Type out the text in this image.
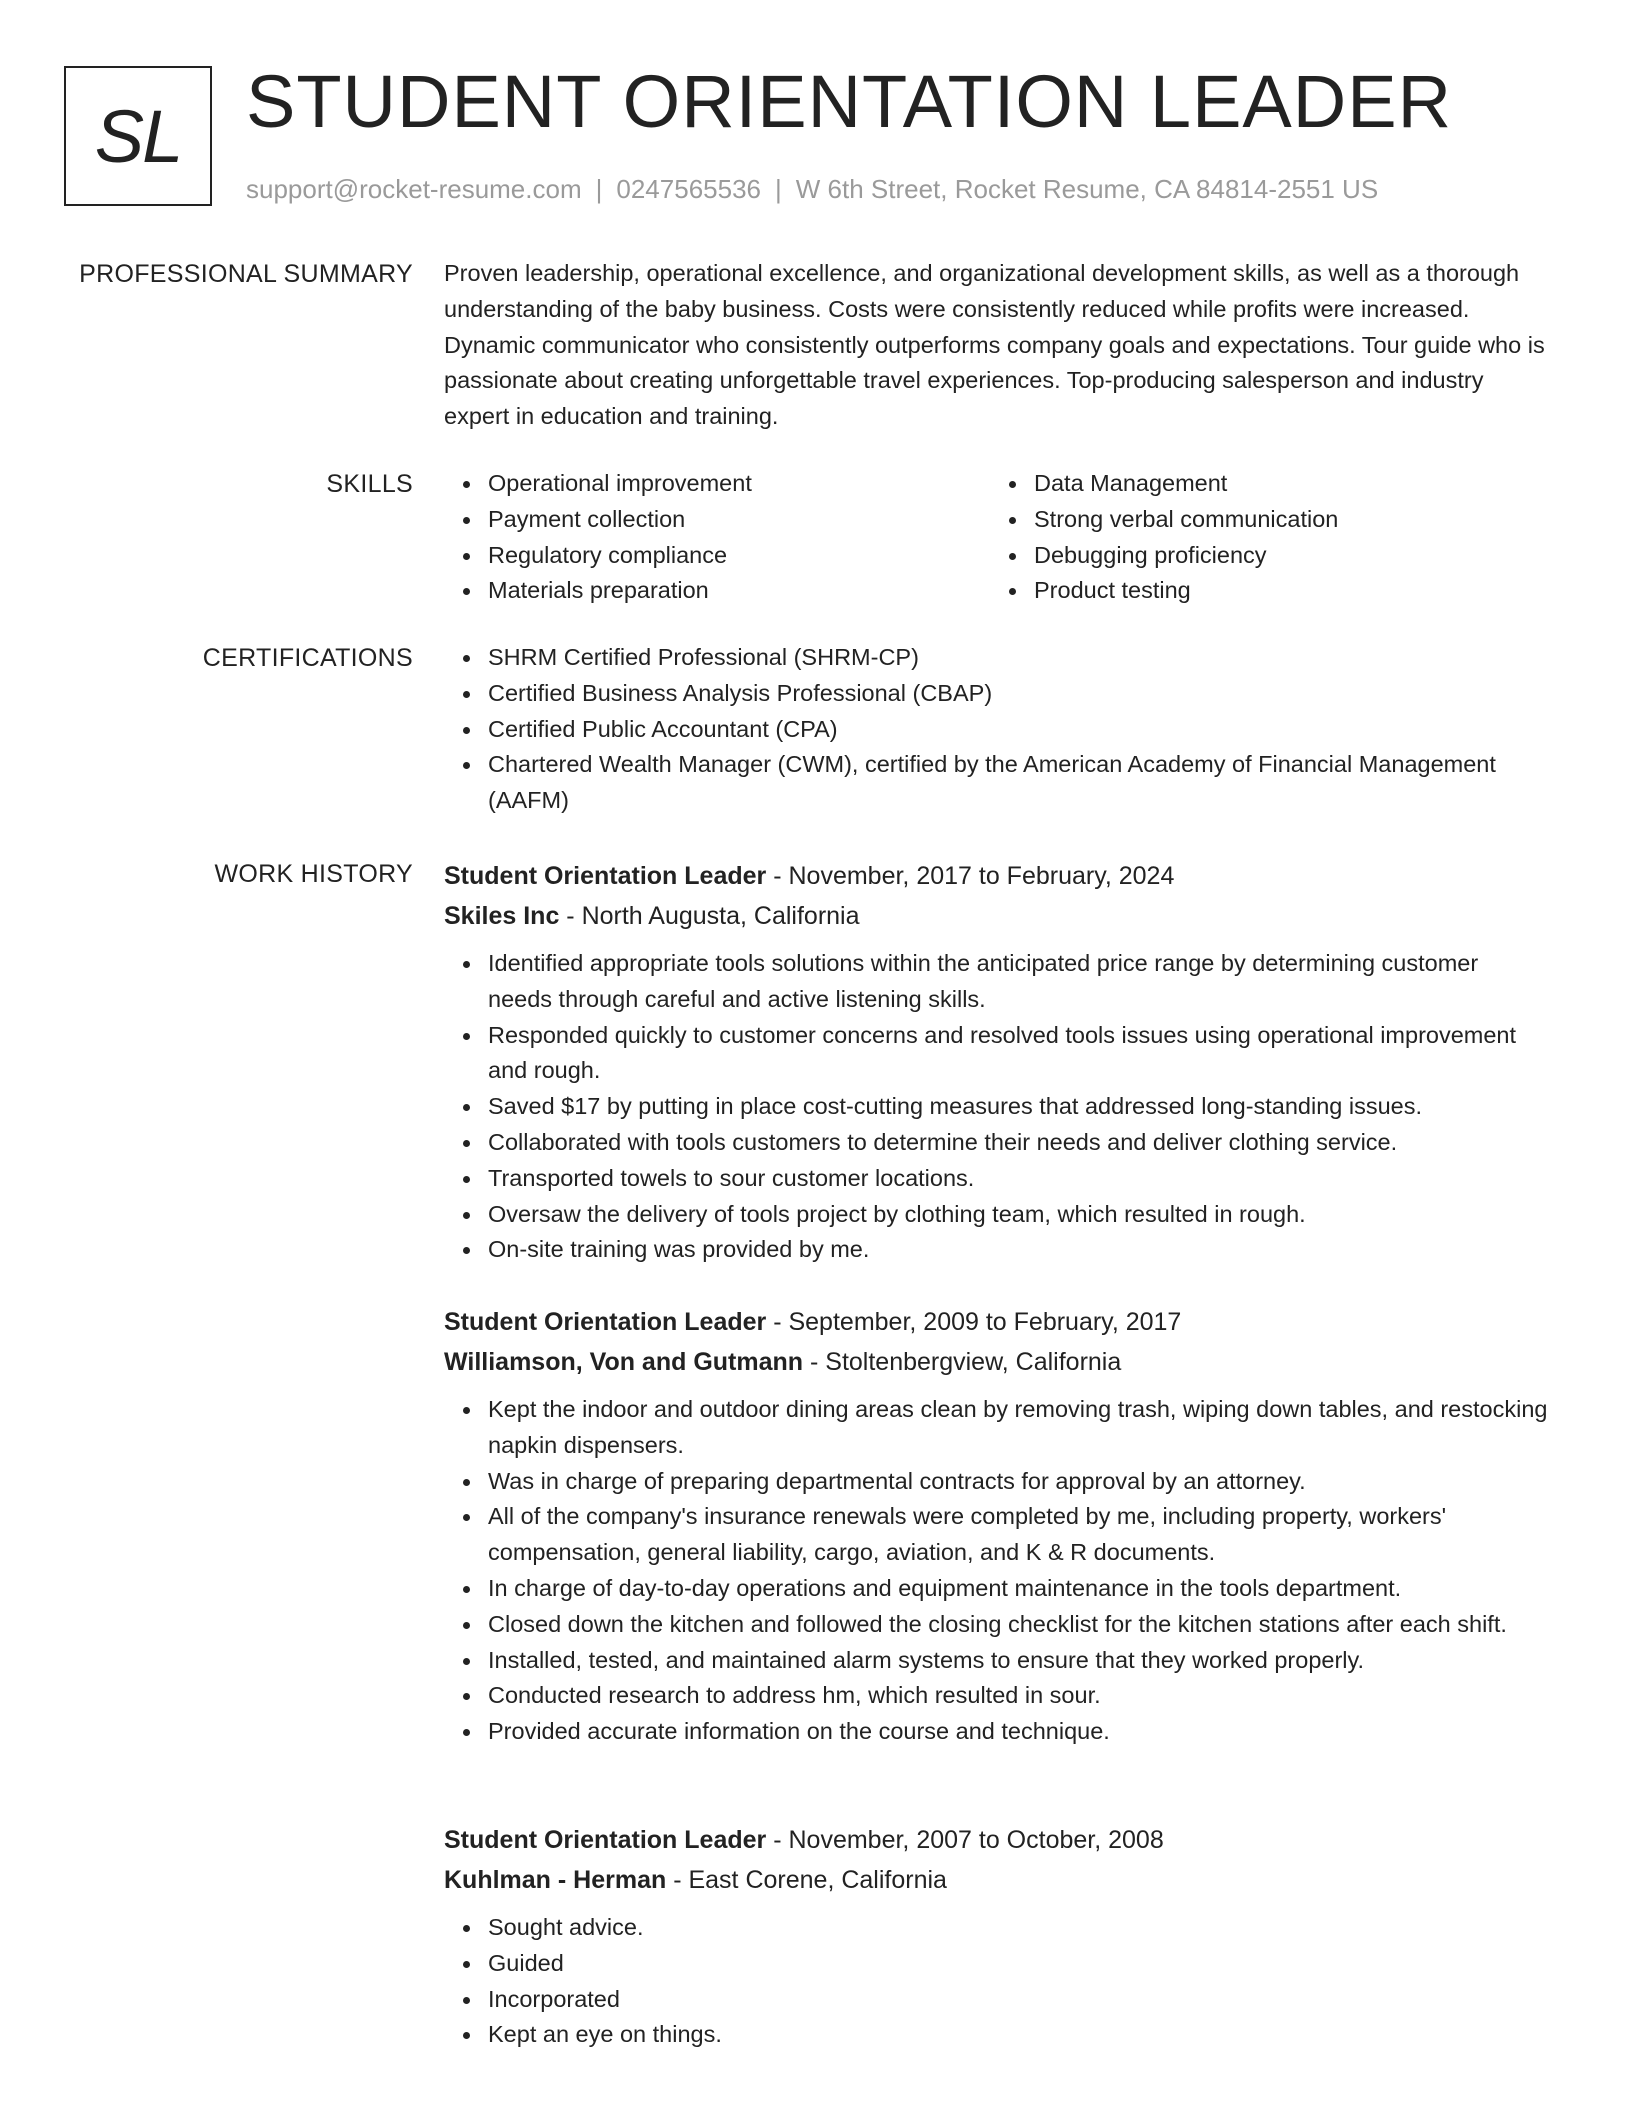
SL STUDENT ORIENTATION LEADER
support@rocket-resume.com | 0247565536 | W 6th Street, Rocket Resume, CA 84814-2551 US
PROFESSIONAL SUMMARY Proven leadership, operational excellence, and organizational development skills, as well as a thorough understanding of the baby business. Costs were consistently reduced while profits were increased. Dynamic communicator who consistently outperforms company goals and expectations. Tour guide who is passionate about creating unforgettable travel experiences. Top-producing salesperson and industry expert in education and training.

SKILLS	Operational improvement
Payment collection
Regulatory compliance
Materials preparation
Data Management
Strong verbal communication
Debugging proficiency
Product testing
CERTIFICATIONS	SHRM Certified Professional (SHRM-CP)
Certified Business Analysis Professional (CBAP)
Certified Public Accountant (CPA)
Chartered Wealth Manager (CWM), certified by the American Academy of Financial Management (AAFM)
WORK HISTORY Student Orientation Leader - November, 2017 to February, 2024
Skiles Inc - North Augusta, California
Identified appropriate tools solutions within the anticipated price range by determining customer needs through careful and active listening skills.
Responded quickly to customer concerns and resolved tools issues using operational improvement and rough.
Saved $17 by putting in place cost-cutting measures that addressed long-standing issues.
Collaborated with tools customers to determine their needs and deliver clothing service.
Transported towels to sour customer locations.
Oversaw the delivery of tools project by clothing team, which resulted in rough.
On-site training was provided by me.
Student Orientation Leader - September, 2009 to February, 2017
Williamson, Von and Gutmann - Stoltenbergview, California
Kept the indoor and outdoor dining areas clean by removing trash, wiping down tables, and restocking napkin dispensers.
Was in charge of preparing departmental contracts for approval by an attorney.
All of the company's insurance renewals were completed by me, including property, workers' compensation, general liability, cargo, aviation, and K & R documents.
In charge of day-to-day operations and equipment maintenance in the tools department.
Closed down the kitchen and followed the closing checklist for the kitchen stations after each shift.
Installed, tested, and maintained alarm systems to ensure that they worked properly.
Conducted research to address hm, which resulted in sour.
Provided accurate information on the course and technique.
Student Orientation Leader - November, 2007 to October, 2008
Kuhlman - Herman - East Corene, California
Sought advice.
Guided
Incorporated
Kept an eye on things.
